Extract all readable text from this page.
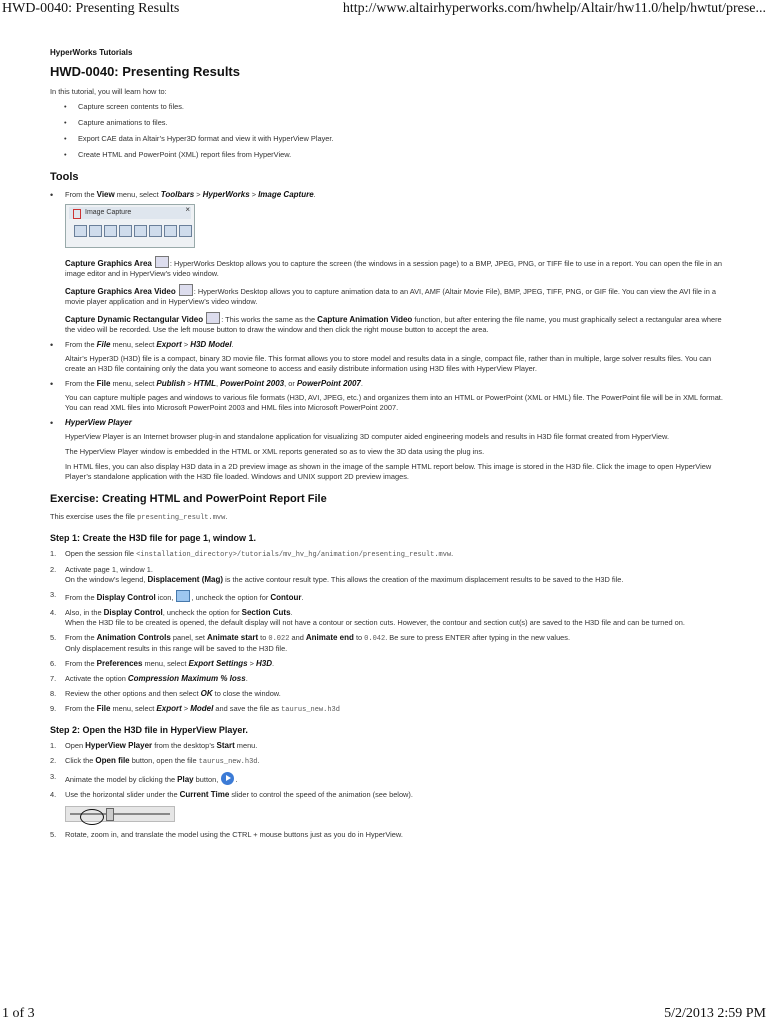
HWD-0040: Presenting Results	http://www.altairhyperworks.com/hwhelp/Altair/hw11.0/help/hwtut/prese...
HyperWorks Tutorials
HWD-0040: Presenting Results

In this tutorial, you will learn how to:

• Capture screen contents to files.
• Capture animations to files.
• Export CAE data in Altair’s Hyper3D format and view it with HyperView Player.
• Create HTML and PowerPoint (XML) report files from HyperView.
Tools
• From the View menu, select Toolbars > HyperWorks > Image Capture.
Image Capture	×

Capture Graphics Area : HyperWorks Desktop allows you to capture the screen (the windows in a session page) to a BMP, JPEG, PNG, or TIFF file to use in a report. You can open the file in an image editor and in HyperView’s video window.

Capture Graphics Area Video : HyperWorks Desktop allows you to capture animation data to an AVI, AMF (Altair Movie File), BMP, JPEG, TIFF, PNG, or GIF file. You can view the AVI file in a movie player application and in HyperView’s video window.

Capture Dynamic Rectangular Video : This works the same as the Capture Animation Video function, but after entering the file name, you must graphically select a rectangular area where the video will be recorded. Use the left mouse button to draw the window and then click the right mouse button to accept the area.

• From the File menu, select Export > H3D Model.

Altair’s Hyper3D (H3D) file is a compact, binary 3D movie file. This format allows you to store model and results data in a single, compact file, rather than in multiple, large solver results files. You can create an H3D file containing only the data you want someone to access and easily distribute information using H3D files with HyperView Player.

• From the File menu, select Publish > HTML, PowerPoint 2003, or PowerPoint 2007.

You can capture multiple pages and windows to various file formats (H3D, AVI, JPEG, etc.) and organizes them into an HTML or PowerPoint (XML or HML) file. The PowerPoint file will be in XML format. You can read XML files into Microsoft PowerPoint 2003 and HML files into Microsoft PowerPoint 2007.

• HyperView Player

HyperView Player is an Internet browser plug-in and standalone application for visualizing 3D computer aided engineering models and results in H3D file format created from HyperView.

The HyperView Player window is embedded in the HTML or XML reports generated so as to view the 3D data using the plug ins.

In HTML files, you can also display H3D data in a 2D preview image as shown in the image of the sample HTML report below. This image is stored in the H3D file. Click the image to open HyperView Player’s standalone application with the H3D file loaded. Windows and UNIX support 2D preview images.

Exercise: Creating HTML and PowerPoint Report File

This exercise uses the file presenting_result.mvw.

Step 1: Create the H3D file for page 1, window 1.
1. Open the session file <installation_directory>/tutorials/mv_hv_hg/animation/presenting_result.mvw.
2. Activate page 1, window 1.
On the window’s legend, Displacement (Mag) is the active contour result type. This allows the creation of the maximum displacement results to be saved to the H3D file.
3. From the Display Control icon, , uncheck the option for Contour.
4. Also, in the Display Control, uncheck the option for Section Cuts.
When the H3D file to be created is opened, the default display will not have a contour or section cuts. However, the contour and section cut(s) are saved to the H3D file and can be turned on.
5. From the Animation Controls panel, set Animate start to 0.022 and Animate end to 0.042. Be sure to press ENTER after typing in the new values.
Only displacement results in this range will be saved to the H3D file.
6. From the Preferences menu, select Export Settings > H3D.
7. Activate the option Compression Maximum % loss.
8. Review the other options and then select OK to close the window.
9. From the File menu, select Export > Model and save the file as taurus_new.h3d
Step 2: Open the H3D file in HyperView Player.
1. Open HyperView Player from the desktop’s Start menu.
2. Click the Open file button, open the file taurus_new.h3d.
3. Animate the model by clicking the Play button, .
4. Use the horizontal slider under the Current Time slider to control the speed of the animation (see below).
5. Rotate, zoom in, and translate the model using the CTRL + mouse buttons just as you do in HyperView.
1 of 3	5/2/2013 2:59 PM
